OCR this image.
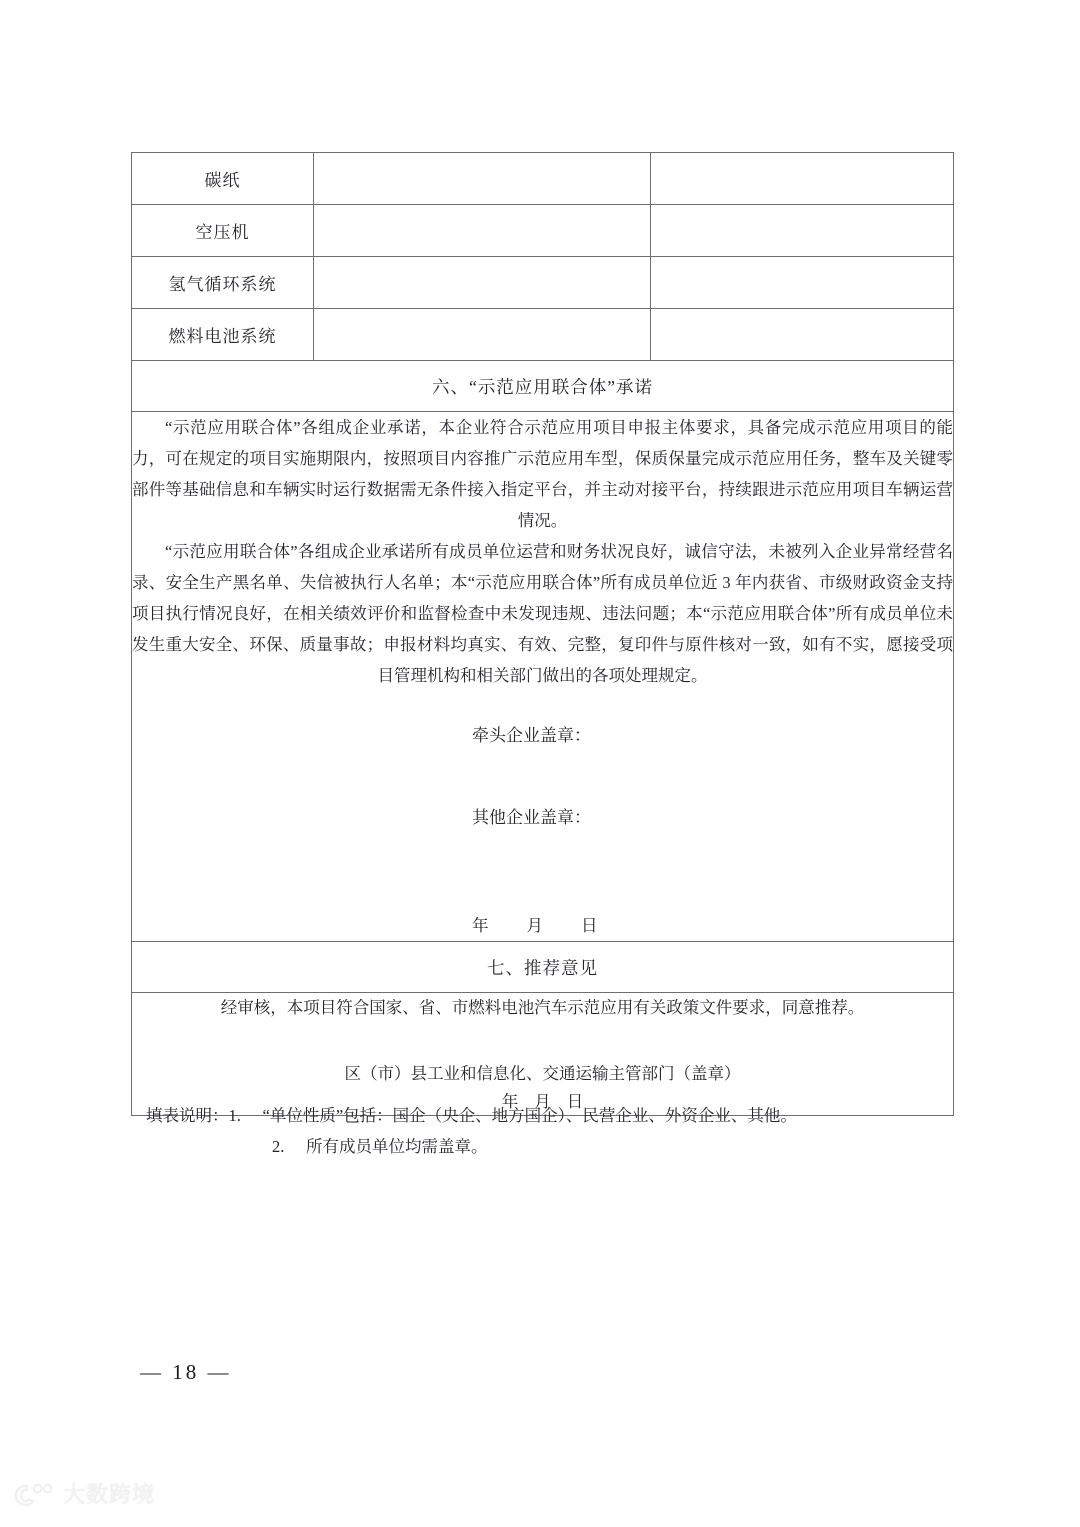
碳纸		
空压机		
氢气循环系统		
燃料电池系统		
六、“示范应用联合体”承诺		

“示范应用联合体”各组成企业承诺，本企业符合示范应用项目申报主体要求，具备完成示范应用项目的能力，可在规定的项目实施期限内，按照项目内容推广示范应用车型，保质保量完成示范应用任务，整车及关键零部件等基础信息和车辆实时运行数据需无条件接入指定平台，并主动对接平台，持续跟进示范应用项目车辆运营情况。

“示范应用联合体”各组成企业承诺所有成员单位运营和财务状况良好，诚信守法，未被列入企业异常经营名录、安全生产黑名单、失信被执行人名单；本“示范应用联合体”所有成员单位近 3 年内获省、市级财政资金支持项目执行情况良好，在相关绩效评价和监督检查中未发现违规、违法问题；本“示范应用联合体”所有成员单位未发生重大安全、环保、质量事故；申报材料均真实、有效、完整，复印件与原件核对一致，如有不实，愿接受项目管理机构和相关部门做出的各项处理规定。

牵头企业盖章：
其他企业盖章：
年 月 日		

七、推荐意见		

经审核，本项目符合国家、省、市燃料电池汽车示范应用有关政策文件要求，同意推荐。

区（市）县工业和信息化、交通运输主管部门（盖章）

年 月 日		

填表说明： 1.	“单位性质”包括：国企（央企、地方国企）、民营企业、外资企业、其他。
2.	所有成员单位均需盖章。
— 18 —
大数跨境
